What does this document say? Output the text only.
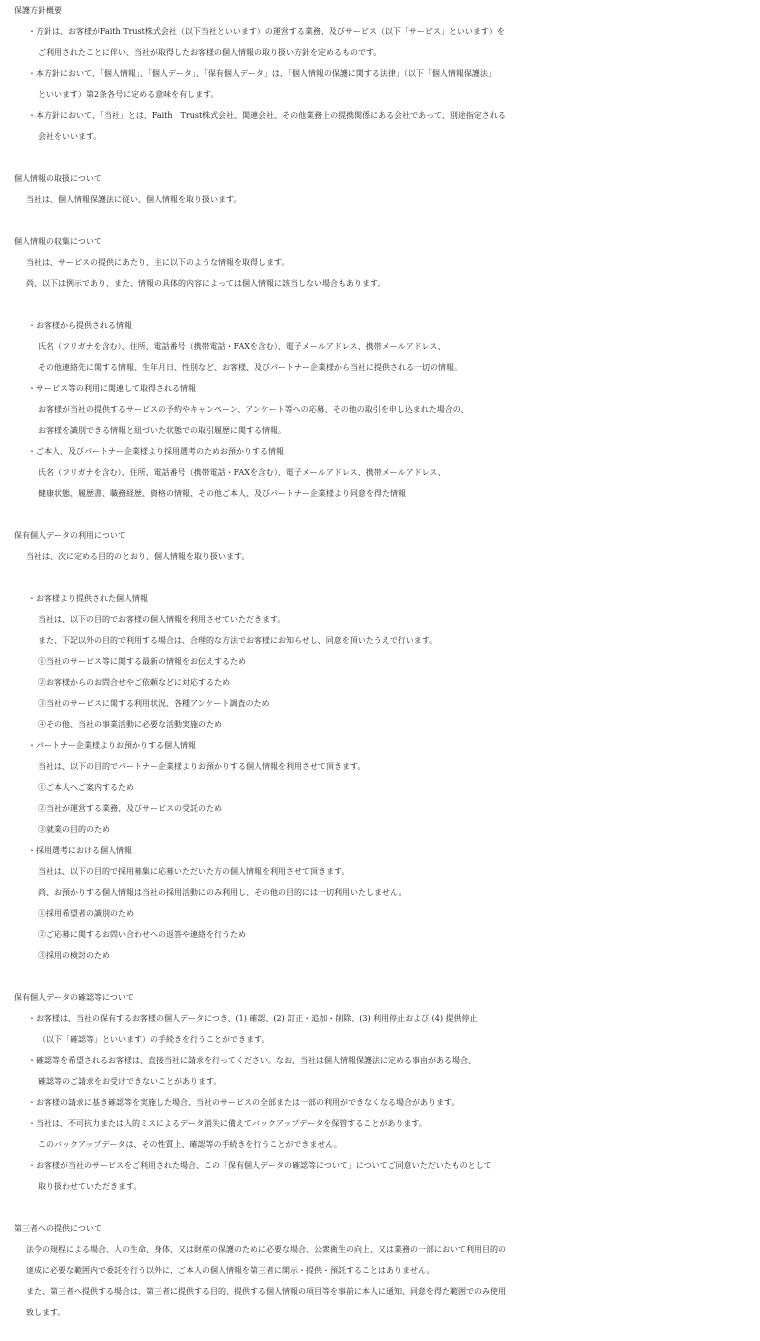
保護方針概要
・方針は、お客様がFaith Trust株式会社（以下当社といいます）の運営する業務、及びサービス（以下「サービス」といいます）を
ご利用されたことに伴い、当社が取得したお客様の個人情報の取り扱い方針を定めるものです。
・本方針において、「個人情報」、「個人データ」、「保有個人データ」は、「個人情報の保護に関する法律」（以下「個人情報保護法」
といいます）第2条各号に定める意味を有します。
・本方針において、「当社」とは、Faith　Trust株式会社、関連会社、その他業務上の提携関係にある会社であって、別途指定される
会社をいいます。
個人情報の取扱について
当社は、個人情報保護法に従い、個人情報を取り扱います。
個人情報の収集について
当社は、サービスの提供にあたり、主に以下のような情報を取得します。
尚、以下は例示であり、また、情報の具体的内容によっては個人情報に該当しない場合もあります。
・お客様から提供される情報
氏名（フリガナを含む）、住所、電話番号（携帯電話・FAXを含む）、電子メールアドレス、携帯メールアドレス、
その他連絡先に関する情報、生年月日、性別など、お客様、及びパートナー企業様から当社に提供される一切の情報。
・サービス等の利用に関連して取得される情報
お客様が当社の提供するサービスの予約やキャンペーン、アンケート等への応募、その他の取引を申し込まれた場合の、
お客様を識別できる情報と紐づいた状態での取引履歴に関する情報。
・ご本人、及びパートナー企業様より採用選考のためお預かりする情報
氏名（フリガナを含む）、住所、電話番号（携帯電話・FAXを含む）、電子メールアドレス、携帯メールアドレス、
健康状態、履歴書、職務経歴、資格の情報、その他ご本人、及びパートナー企業様より同意を得た情報
保有個人データの利用について
当社は、次に定める目的のとおり、個人情報を取り扱います。
・お客様より提供された個人情報
当社は、以下の目的でお客様の個人情報を利用させていただきます。
また、下記以外の目的で利用する場合は、合理的な方法でお客様にお知らせし、同意を頂いたうえで行います。
①当社のサービス等に関する最新の情報をお伝えするため
②お客様からのお問合せやご依頼などに対応するため
③当社のサービスに関する利用状況、各種アンケート調査のため
④その他、当社の事業活動に必要な活動実施のため
・パートナー企業様よりお預かりする個人情報
当社は、以下の目的でパートナー企業様よりお預かりする個人情報を利用させて頂きます。
①ご本人へご案内するため
②当社が運営する業務、及びサービスの受託のため
③就業の目的のため
・採用選考における個人情報
当社は、以下の目的で採用募集に応募いただいた方の個人情報を利用させて頂きます。
尚、お預かりする個人情報は当社の採用活動にのみ利用し、その他の目的には一切利用いたしません。
①採用希望者の識別のため
②ご応募に関するお問い合わせへの返答や連絡を行うため
③採用の検討のため
保有個人データの確認等について
・お客様は、当社の保有するお客様の個人データにつき、(1) 確認、(2) 訂正・追加・削除、(3) 利用停止および (4) 提供停止
（以下「確認等」といいます）の手続きを行うことができます。
・確認等を希望されるお客様は、直接当社に請求を行ってください。なお、当社は個人情報保護法に定める事由がある場合、
確認等のご請求をお受けできないことがあります。
・お客様の請求に基き確認等を実施した場合、当社のサービスの全部または一部の利用ができなくなる場合があります。
・当社は、不可抗力または人的ミスによるデータ消失に備えてバックアップデータを保管することがあります。
このバックアップデータは、その性質上、確認等の手続きを行うことができません。
・お客様が当社のサービスをご利用された場合、この「保有個人データの確認等について」についてご同意いただいたものとして
取り扱わせていただきます。
第三者への提供について
法令の規程による場合、人の生命、身体、又は財産の保護のために必要な場合、公衆衛生の向上、又は業務の一部において利用目的の
達成に必要な範囲内で委託を行う以外に、ご本人の個人情報を第三者に開示・提供・預託することはありません。
また、第三者へ提供する場合は、第三者に提供する目的、提供する個人情報の項目等を事前に本人に通知、同意を得た範囲でのみ使用
致します。
